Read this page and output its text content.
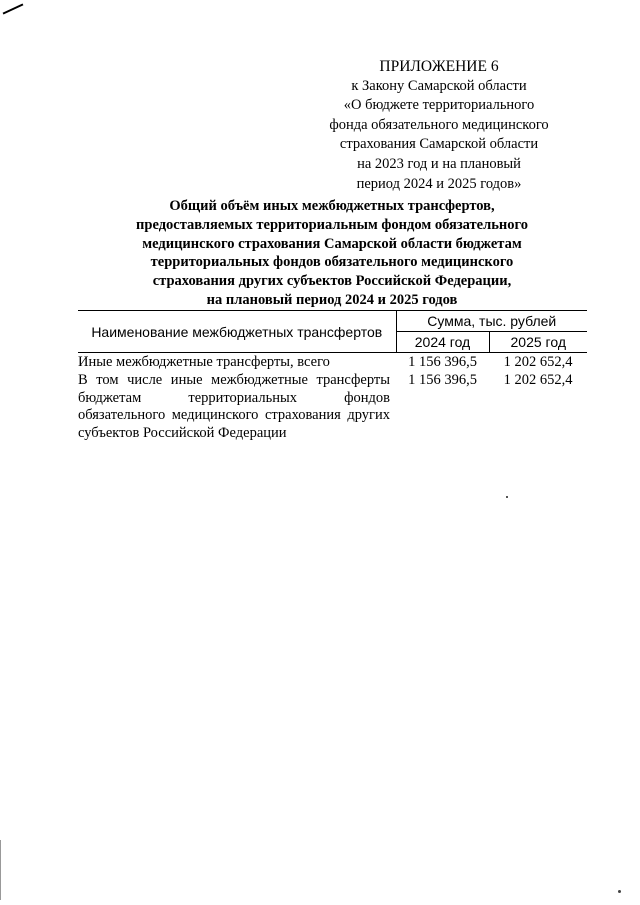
ПРИЛОЖЕНИЕ 6
к Закону Самарской области
«О бюджете территориального
фонда обязательного медицинского
страхования Самарской области
на 2023 год и на плановый
период 2024 и 2025 годов»
Общий объём иных межбюджетных трансфертов,
предоставляемых территориальным фондом обязательного
медицинского страхования Самарской области бюджетам
территориальных фондов обязательного медицинского
страхования других субъектов Российской Федерации,
на плановый период 2024 и 2025 годов
Наименование межбюджетных трансфертов	Сумма, тыс. рублей	
	2024 год	2025 год
Иные межбюджетные трансферты, всего	1 156 396,5	1 202 652,4
В том числе иные межбюджетные трансферты бюджетам территориальных фондов обязательного медицинского страхования других субъектов Российской Федерации	1 156 396,5	1 202 652,4
